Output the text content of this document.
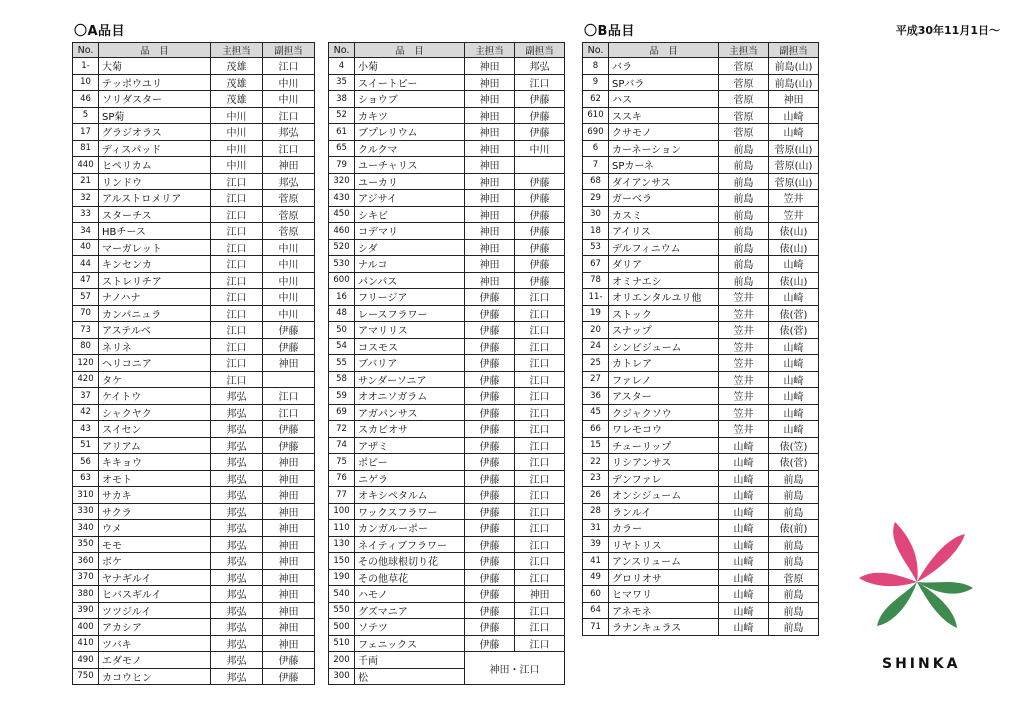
〇A品目	〇B品目	平成30年11月1日～
No.	品　目	主担当	副担当
1-	大菊	茂雄	江口
10	テッポウユリ	茂雄	中川
46	ソリダスター	茂雄	中川
5	SP菊	中川	江口
17	グラジオラス	中川	邦弘
81	ディスパッド	中川	江口
440	ヒペリカム	中川	神田
21	リンドウ	江口	邦弘
32	アルストロメリア	江口	菅原
33	スターチス	江口	菅原
34	HBチース	江口	菅原
40	マーガレット	江口	中川
44	キンセンカ	江口	中川
47	ストレリチア	江口	中川
57	ナノハナ	江口	中川
70	カンパニュラ	江口	中川
73	アステルベ	江口	伊藤
80	ネリネ	江口	伊藤
120	ヘリコニア	江口	神田
420	タケ	江口	
37	ケイトウ	邦弘	江口
42	シャクヤク	邦弘	江口
43	スイセン	邦弘	伊藤
51	アリアム	邦弘	伊藤
56	キキョウ	邦弘	神田
63	オモト	邦弘	神田
310	サカキ	邦弘	神田
330	サクラ	邦弘	神田
340	ウメ	邦弘	神田
350	モモ	邦弘	神田
360	ボケ	邦弘	神田
370	ヤナギルイ	邦弘	神田
380	ヒバスギルイ	邦弘	神田
390	ツツジルイ	邦弘	神田
400	アカシア	邦弘	神田
410	ツバキ	邦弘	神田
490	エダモノ	邦弘	伊藤
750	カコウヒン	邦弘	伊藤
No.	品　目	主担当	副担当
4	小菊	神田	邦弘
35	スイートピー	神田	江口
38	ショウブ	神田	伊藤
52	カキツ	神田	伊藤
61	ブプレリウム	神田	伊藤
65	クルクマ	神田	中川
79	ユーチャリス	神田	
320	ユーカリ	神田	伊藤
430	アジサイ	神田	伊藤
450	シキビ	神田	伊藤
460	コデマリ	神田	伊藤
520	シダ	神田	伊藤
530	ナルコ	神田	伊藤
600	パンパス	神田	伊藤
16	フリージア	伊藤	江口
48	レースフラワー	伊藤	江口
50	アマリリス	伊藤	江口
54	コスモス	伊藤	江口
55	ブバリア	伊藤	江口
58	サンダーソニア	伊藤	江口
59	オオニソガラム	伊藤	江口
69	アガパンサス	伊藤	江口
72	スカビオサ	伊藤	江口
74	アザミ	伊藤	江口
75	ポピー	伊藤	江口
76	ニゲラ	伊藤	江口
77	オキシペタルム	伊藤	江口
100	ワックスフラワー	伊藤	江口
110	カンガルーポー	伊藤	江口
130	ネイティブフラワー	伊藤	江口
150	その他球根切り花	伊藤	江口
190	その他草花	伊藤	江口
540	ハモノ	伊藤	神田
550	グズマニア	伊藤	江口
500	ソテツ	伊藤	江口
510	フェニックス	伊藤	江口
200	千両	神田・江口	
300	松		
No.	品　目	主担当	副担当
8	バラ	菅原	前島(山)
9	SPバラ	菅原	前島(山)
62	ハス	菅原	神田
610	ススキ	菅原	山崎
690	クサモノ	菅原	山崎
6	カーネーション	前島	菅原(山)
7	SPカーネ	前島	菅原(山)
68	ダイアンサス	前島	菅原(山)
29	ガーベラ	前島	笠井
30	カスミ	前島	笠井
18	アイリス	前島	俵(山)
53	デルフィニウム	前島	俵(山)
67	ダリア	前島	山崎
78	オミナエシ	前島	俵(山)
11-	オリエンタルユリ他	笠井	山崎
19	ストック	笠井	俵(菅)
20	スナップ	笠井	俵(菅)
24	シンビジューム	笠井	山崎
25	カトレア	笠井	山崎
27	ファレノ	笠井	山崎
36	アスター	笠井	山崎
45	クジャクソウ	笠井	山崎
66	ワレモコウ	笠井	山崎
15	チューリップ	山崎	俵(笠)
22	リシアンサス	山崎	俵(菅)
23	デンファレ	山崎	前島
26	オンシジューム	山崎	前島
28	ランルイ	山崎	前島
31	カラー	山崎	俵(前)
39	リヤトリス	山崎	前島
41	アンスリューム	山崎	前島
49	グロリオサ	山崎	菅原
60	ヒマワリ	山崎	前島
64	アネモネ	山崎	前島
71	ラナンキュラス	山崎	前島
SHINKA
